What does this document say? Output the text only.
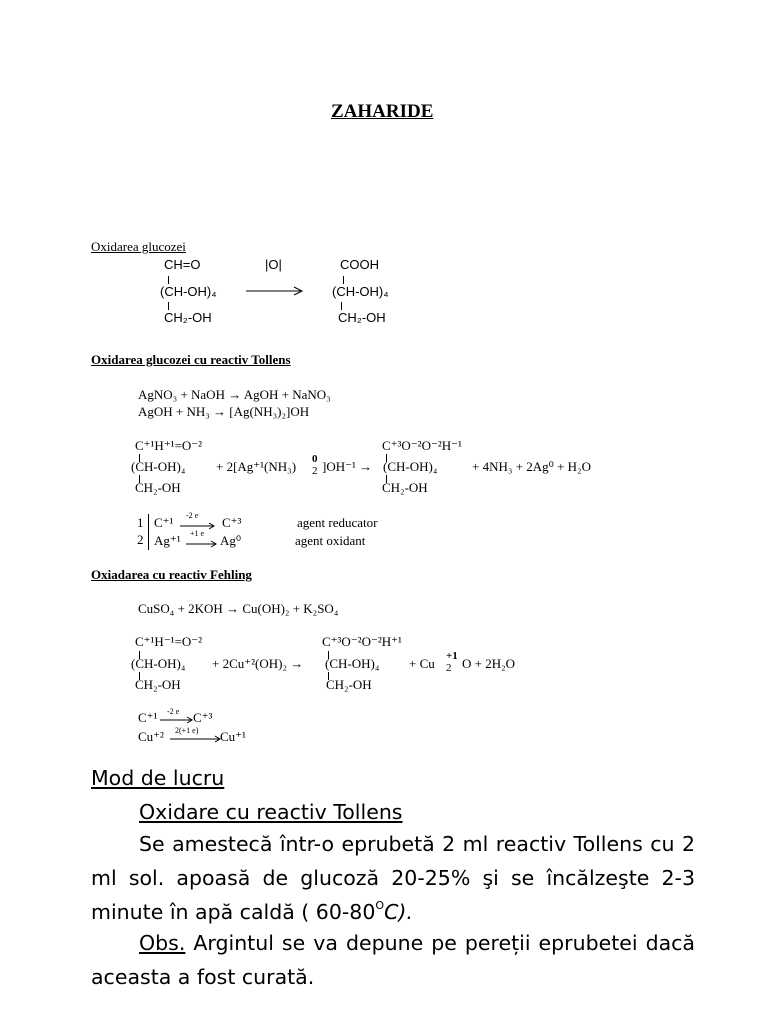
ZAHARIDE
Oxidarea glucozei
CH=O	|O|	COOH
(CH-OH)₄	(CH-OH)₄
CH₂-OH	CH₂-OH
Oxidarea glucozei cu reactiv Tollens
AgNO₃ + NaOH → AgOH + NaNO₃
AgOH + NH₃ → [Ag(NH₃)₂]OH
C⁺¹H⁺¹=O⁻²	C⁺³O⁻²O⁻²H⁻¹
(CH-OH)₄ + 2[Ag⁺¹(NH₃) 0
2 ]OH⁻¹ → (CH-OH)₄	+ 4NH₃ + 2Ag⁰ + H₂O
CH₂-OH	CH₂-OH
1
2
C⁺¹ -2 e C⁺³	agent reducator
Ag⁺¹ +1 e Ag⁰	agent oxidant
Oxiadarea cu reactiv Fehling
CuSO₄ + 2KOH → Cu(OH)₂ + K₂SO₄
C⁺¹H⁻¹=O⁻²	C⁺³O⁻²O⁻²H⁺¹
(CH-OH)₄ + 2Cu⁺²(OH)₂ → (CH-OH)₄ + Cu +1
2 O + 2H₂O
CH₂-OH	CH₂-OH
C⁺¹ -2 e C⁺³
Cu⁺² 2(+1 e) Cu⁺¹
Mod de lucru
Oxidare cu reactiv Tollens
Se amestecă într-o eprubetă 2 ml reactiv Tollens cu 2 ml sol. apoasă de glucoză 20-25% şi se încălzeşte 2-3 minute în apă caldă ( $60-80^OC$).
Obs. Argintul se va depune pe pereții eprubetei dacă aceasta a fost curată.
